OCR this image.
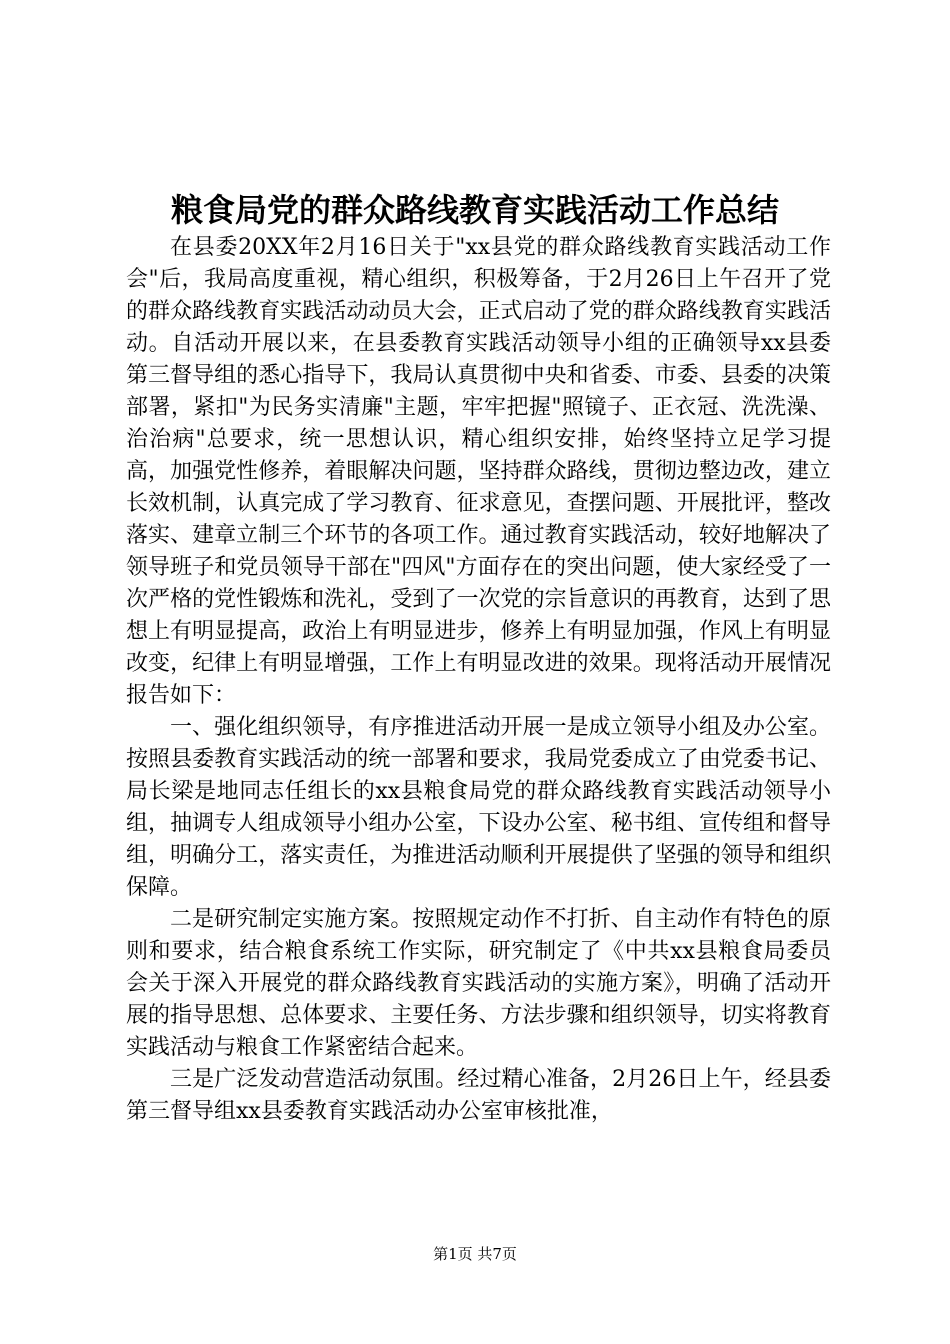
粮食局党的群众路线教育实践活动工作总结

在县委20XX年2月16日关于"xx县党的群众路线教育实践活动工作会"后，我局高度重视，精心组织，积极筹备，于2月26日上午召开了党的群众路线教育实践活动动员大会，正式启动了党的群众路线教育实践活动。自活动开展以来，在县委教育实践活动领导小组的正确领导xx县委第三督导组的悉心指导下，我局认真贯彻中央和省委、市委、县委的决策部署，紧扣"为民务实清廉"主题，牢牢把握"照镜子、正衣冠、洗洗澡、治治病"总要求，统一思想认识，精心组织安排，始终坚持立足学习提高，加强党性修养，着眼解决问题，坚持群众路线，贯彻边整边改，建立长效机制，认真完成了学习教育、征求意见，查摆问题、开展批评，整改落实、建章立制三个环节的各项工作。通过教育实践活动，较好地解决了领导班子和党员领导干部在"四风"方面存在的突出问题，使大家经受了一次严格的党性锻炼和洗礼，受到了一次党的宗旨意识的再教育，达到了思想上有明显提高，政治上有明显进步，修养上有明显加强，作风上有明显改变，纪律上有明显增强，工作上有明显改进的效果。现将活动开展情况报告如下：

一、强化组织领导，有序推进活动开展一是成立领导小组及办公室。按照县委教育实践活动的统一部署和要求，我局党委成立了由党委书记、局长梁是地同志任组长的xx县粮食局党的群众路线教育实践活动领导小组，抽调专人组成领导小组办公室，下设办公室、秘书组、宣传组和督导组，明确分工，落实责任，为推进活动顺利开展提供了坚强的领导和组织保障。

二是研究制定实施方案。按照规定动作不打折、自主动作有特色的原则和要求，结合粮食系统工作实际，研究制定了《中共xx县粮食局委员会关于深入开展党的群众路线教育实践活动的实施方案》，明确了活动开展的指导思想、总体要求、主要任务、方法步骤和组织领导，切实将教育实践活动与粮食工作紧密结合起来。

三是广泛发动营造活动氛围。经过精心准备，2月26日上午，经县委第三督导组xx县委教育实践活动办公室审核批准，

第1页 共7页
